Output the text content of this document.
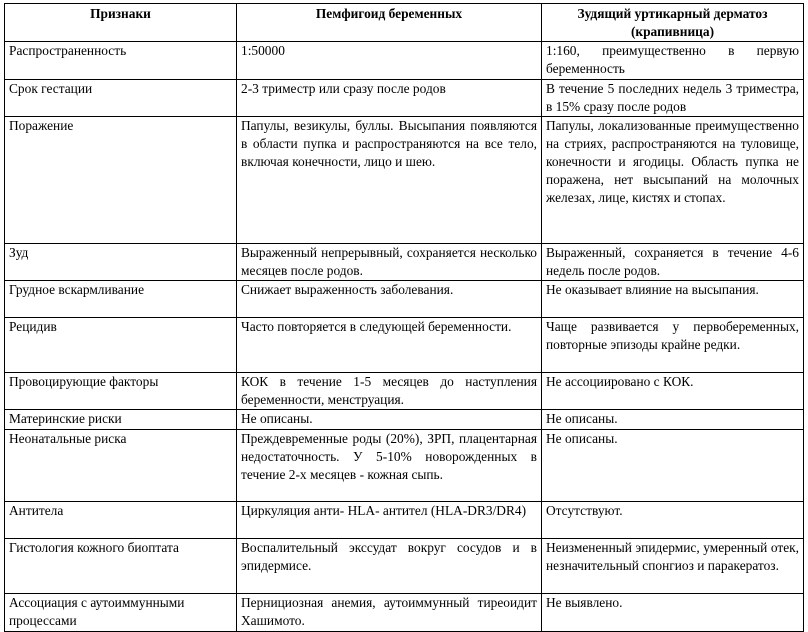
Признаки	Пемфигоид беременных	Зудящий уртикарный дерматоз (крапивница)
Распространенность	1:50000	1:160, преимущественно в первую беременность
Срок гестации	2-3 триместр или сразу после родов	В течение 5 последних недель 3 триместра, в 15% сразу после родов
Поражение	Папулы, везикулы, буллы. Высыпания появляются в области пупка и распространяются на все тело, включая конечности, лицо и шею.	Папулы, локализованные преимущественно на стриях, распространяются на туловище, конечности и ягодицы. Область пупка не поражена, нет высыпаний на молочных железах, лице, кистях и стопах.
Зуд	Выраженный непрерывный, сохраняется несколько месяцев после родов.	Выраженный, сохраняется в течение 4-6 недель после родов.
Грудное вскармливание	Снижает выраженность заболевания.	Не оказывает влияние на высыпания.
Рецидив	Часто повторяется в следующей беременности.	Чаще развивается у первобеременных, повторные эпизоды крайне редки.
Провоцирующие факторы	КОК в течение 1-5 месяцев до наступления беременности, менструация.	Не ассоциировано с КОК.
Материнские риски	Не описаны.	Не описаны.
Неонатальные риска	Преждевременные роды (20%), ЗРП, плацентарная недостаточность. У 5-10% новорожденных в течение 2-х месяцев - кожная сыпь.	Не описаны.
Антитела	Циркуляция анти- HLA- антител (HLA-DR3/DR4)	Отсутствуют.
Гистология кожного биоптата	Воспалительный экссудат вокруг сосудов и в эпидермисе.	Неизмененный эпидермис, умеренный отек, незначительный спонгиоз и паракератоз.
Ассоциация с аутоиммунными процессами	Пернициозная анемия, аутоиммунный тиреоидит Хашимото.	Не выявлено.
